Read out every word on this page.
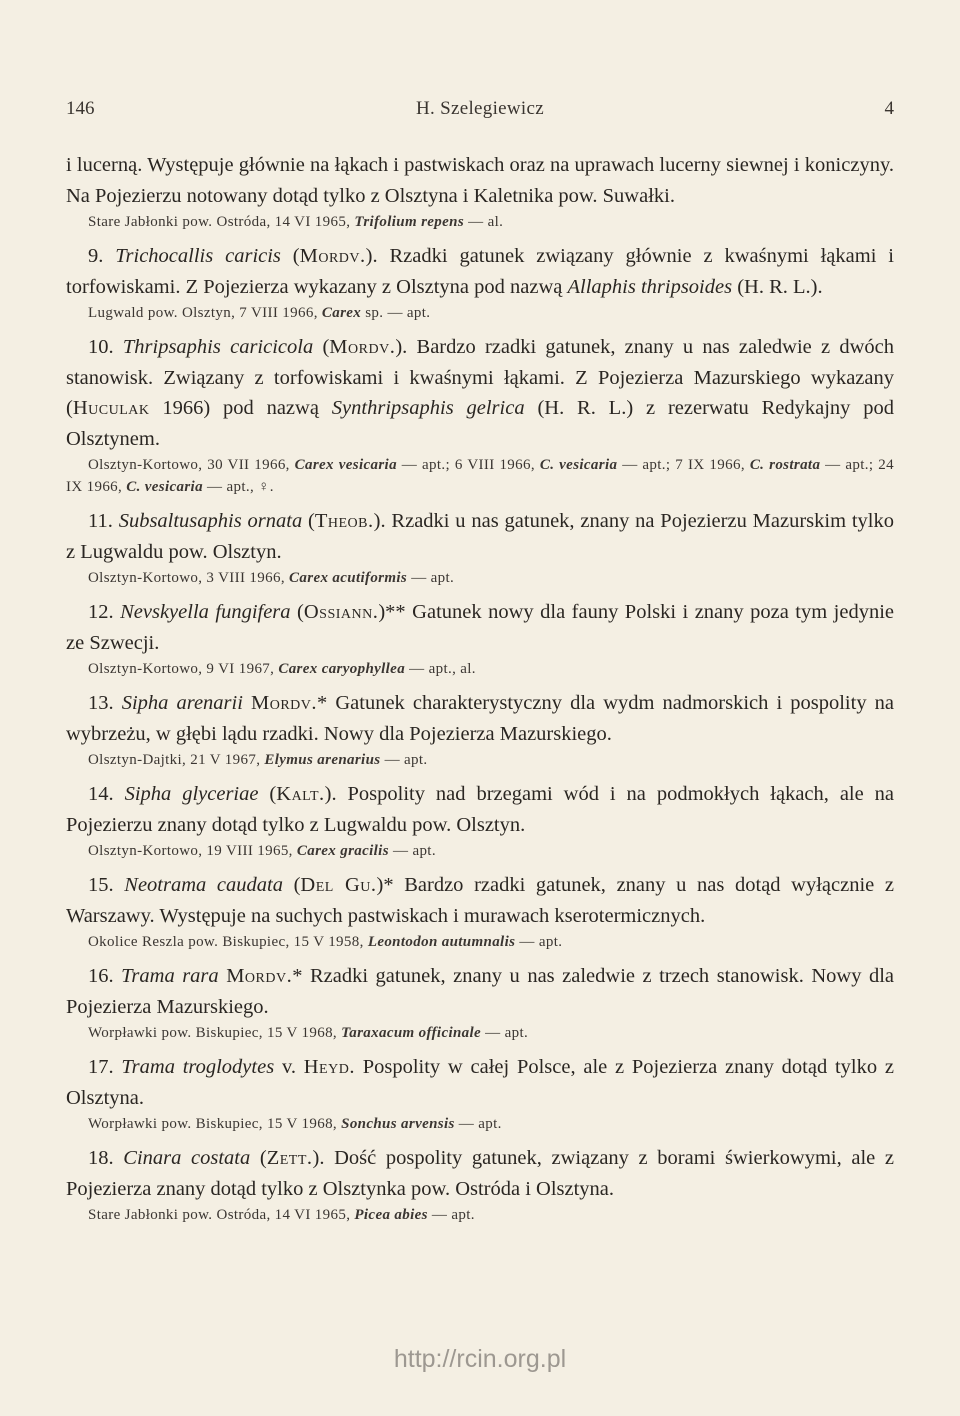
146	H. Szelegiewicz	4

i lucerną. Występuje głównie na łąkach i pastwiskach oraz na uprawach lucerny siewnej i koniczyny. Na Pojezierzu notowany dotąd tylko z Olsztyna i Kaletnika pow. Suwałki.

Stare Jabłonki pow. Ostróda, 14 VI 1965, Trifolium repens — al.

9. Trichocallis caricis (Mordv.). Rzadki gatunek związany głównie z kwaśnymi łąkami i torfowiskami. Z Pojezierza wykazany z Olsztyna pod nazwą Allaphis thripsoides (H. R. L.).

Lugwald pow. Olsztyn, 7 VIII 1966, Carex sp. — apt.

10. Thripsaphis caricicola (Mordv.). Bardzo rzadki gatunek, znany u nas zaledwie z dwóch stanowisk. Związany z torfowiskami i kwaśnymi łąkami. Z Pojezierza Mazurskiego wykazany (Huculak 1966) pod nazwą Synthripsaphis gelrica (H. R. L.) z rezerwatu Redykajny pod Olsztynem.

Olsztyn-Kortowo, 30 VII 1966, Carex vesicaria — apt.; 6 VIII 1966, C. vesicaria — apt.; 7 IX 1966, C. rostrata — apt.; 24 IX 1966, C. vesicaria — apt., ♀.

11. Subsaltusaphis ornata (Theob.). Rzadki u nas gatunek, znany na Pojezierzu Mazurskim tylko z Lugwaldu pow. Olsztyn.

Olsztyn-Kortowo, 3 VIII 1966, Carex acutiformis — apt.

12. Nevskyella fungifera (Ossiann.)** Gatunek nowy dla fauny Polski i znany poza tym jedynie ze Szwecji.

Olsztyn-Kortowo, 9 VI 1967, Carex caryophyllea — apt., al.

13. Sipha arenarii Mordv.* Gatunek charakterystyczny dla wydm nadmorskich i pospolity na wybrzeżu, w głębi lądu rzadki. Nowy dla Pojezierza Mazurskiego.

Olsztyn-Dajtki, 21 V 1967, Elymus arenarius — apt.

14. Sipha glyceriae (Kalt.). Pospolity nad brzegami wód i na podmokłych łąkach, ale na Pojezierzu znany dotąd tylko z Lugwaldu pow. Olsztyn.

Olsztyn-Kortowo, 19 VIII 1965, Carex gracilis — apt.

15. Neotrama caudata (Del Gu.)* Bardzo rzadki gatunek, znany u nas dotąd wyłącznie z Warszawy. Występuje na suchych pastwiskach i murawach kserotermicznych.

Okolice Reszla pow. Biskupiec, 15 V 1958, Leontodon autumnalis — apt.

16. Trama rara Mordv.* Rzadki gatunek, znany u nas zaledwie z trzech stanowisk. Nowy dla Pojezierza Mazurskiego.

Worpławki pow. Biskupiec, 15 V 1968, Taraxacum officinale — apt.

17. Trama troglodytes v. Heyd. Pospolity w całej Polsce, ale z Pojezierza znany dotąd tylko z Olsztyna.

Worpławki pow. Biskupiec, 15 V 1968, Sonchus arvensis — apt.

18. Cinara costata (Zett.). Dość pospolity gatunek, związany z borami świerkowymi, ale z Pojezierza znany dotąd tylko z Olsztynka pow. Ostróda i Olsztyna.

Stare Jabłonki pow. Ostróda, 14 VI 1965, Picea abies — apt.

http://rcin.org.pl
